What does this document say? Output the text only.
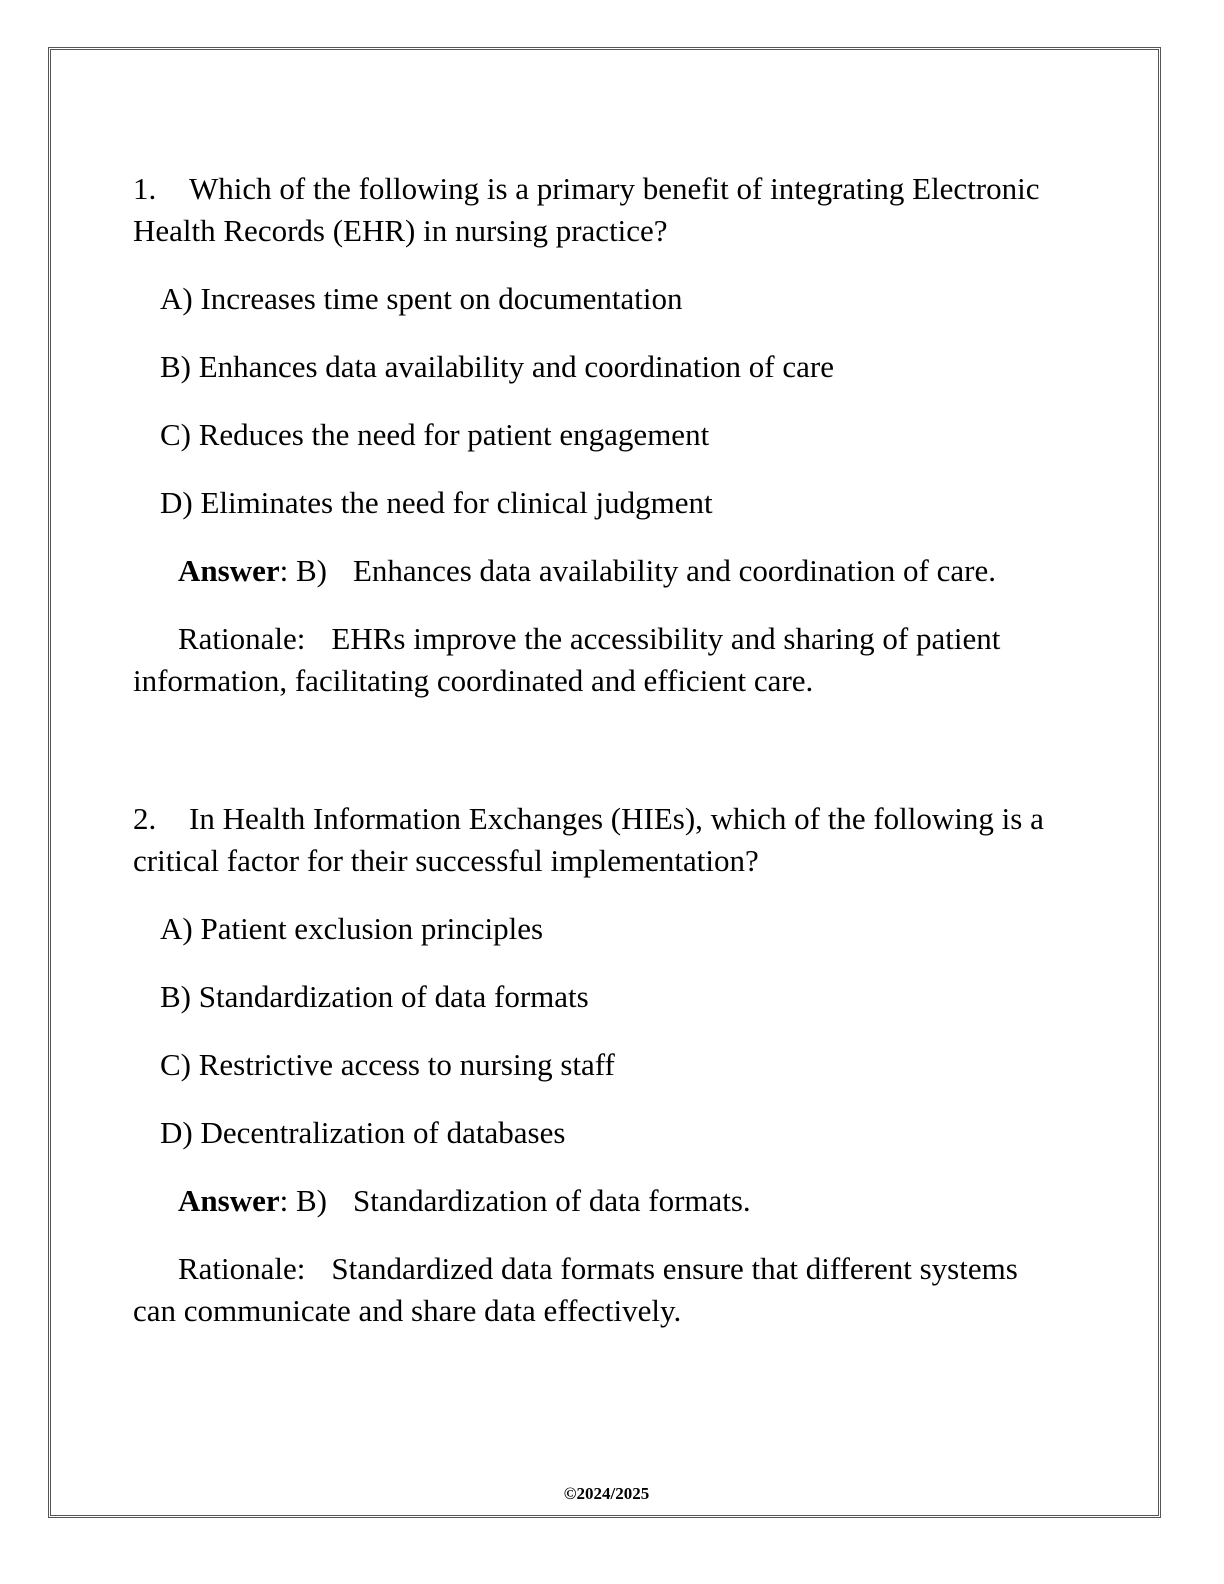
1. Which of the following is a primary benefit of integrating Electronic Health Records (EHR) in nursing practice?

A) Increases time spent on documentation

B) Enhances data availability and coordination of care

C) Reduces the need for patient engagement

D) Eliminates the need for clinical judgment

Answer: B) Enhances data availability and coordination of care.

Rationale: EHRs improve the accessibility and sharing of patient information, facilitating coordinated and efficient care.

2. In Health Information Exchanges (HIEs), which of the following is a critical factor for their successful implementation?

A) Patient exclusion principles

B) Standardization of data formats

C) Restrictive access to nursing staff

D) Decentralization of databases

Answer: B) Standardization of data formats.

Rationale: Standardized data formats ensure that different systems can communicate and share data effectively.

©2024/2025
